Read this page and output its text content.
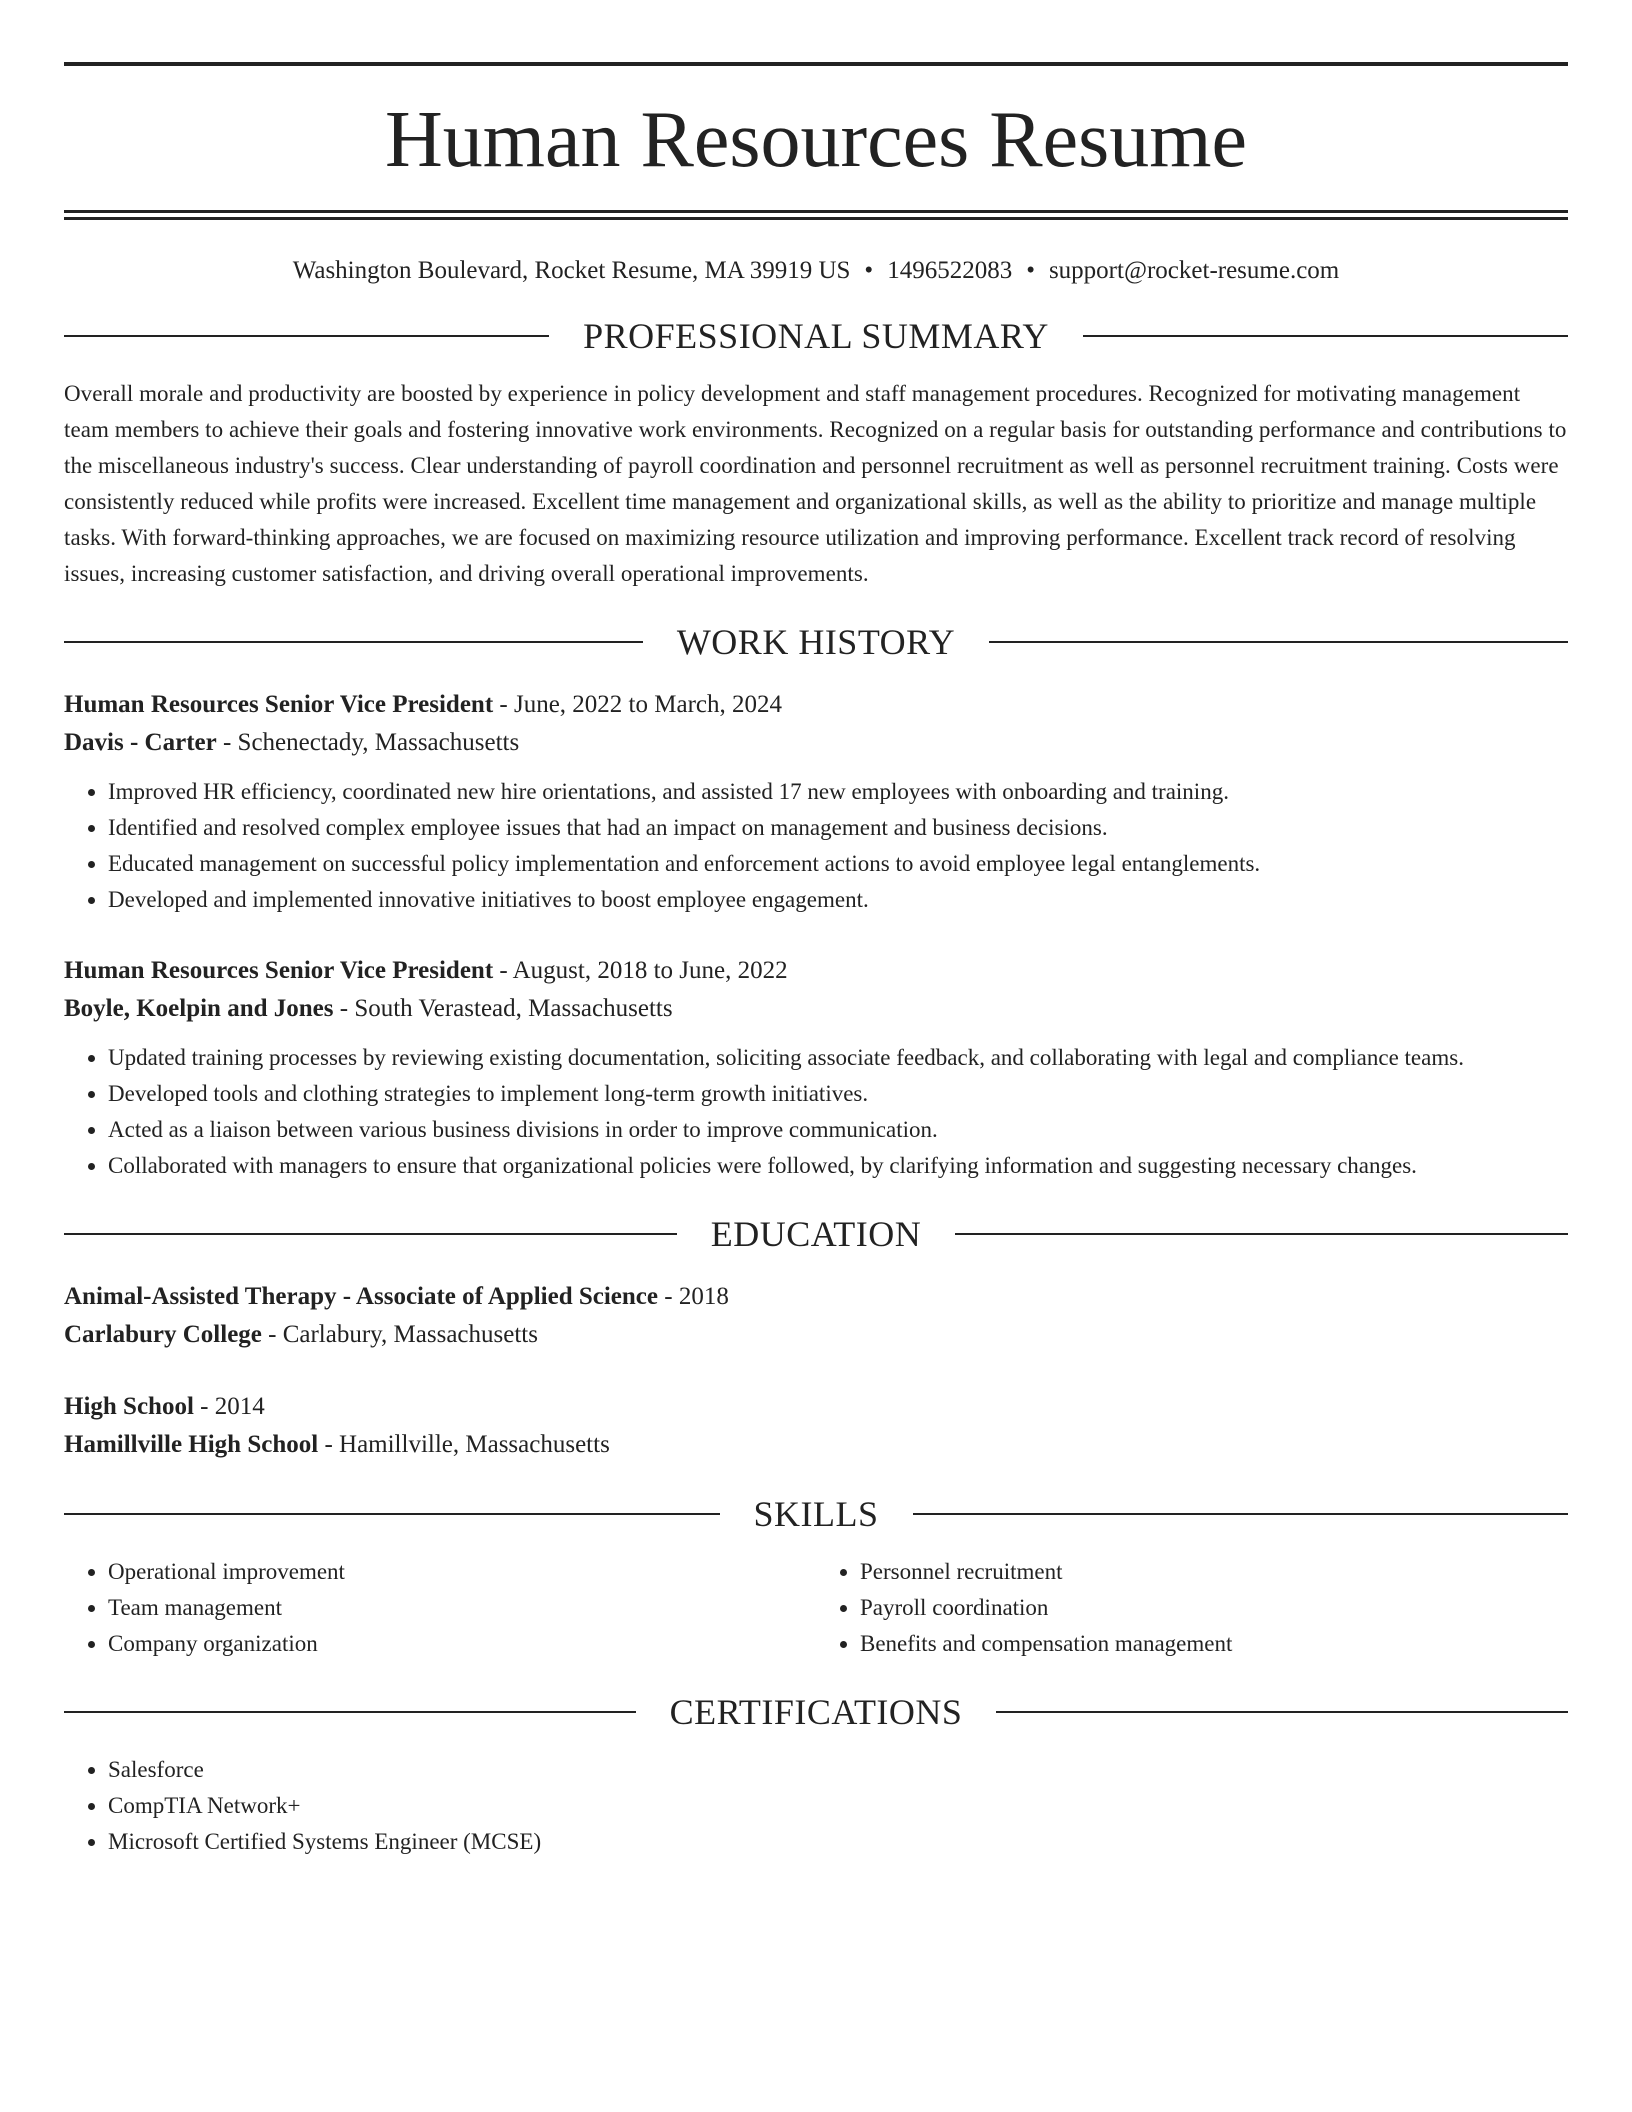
Human Resources Resume
Washington Boulevard, Rocket Resume, MA 39919 US • 1496522083 • support@rocket-resume.com
PROFESSIONAL SUMMARY

Overall morale and productivity are boosted by experience in policy development and staff management procedures. Recognized for motivating management team members to achieve their goals and fostering innovative work environments. Recognized on a regular basis for outstanding performance and contributions to the miscellaneous industry's success. Clear understanding of payroll coordination and personnel recruitment as well as personnel recruitment training. Costs were consistently reduced while profits were increased. Excellent time management and organizational skills, as well as the ability to prioritize and manage multiple tasks. With forward-thinking approaches, we are focused on maximizing resource utilization and improving performance. Excellent track record of resolving issues, increasing customer satisfaction, and driving overall operational improvements.

WORK HISTORY
Human Resources Senior Vice President - June, 2022 to March, 2024
Davis - Carter - Schenectady, Massachusetts
• Improved HR efficiency, coordinated new hire orientations, and assisted 17 new employees with onboarding and training.
• Identified and resolved complex employee issues that had an impact on management and business decisions.
• Educated management on successful policy implementation and enforcement actions to avoid employee legal entanglements.
• Developed and implemented innovative initiatives to boost employee engagement.
Human Resources Senior Vice President - August, 2018 to June, 2022
Boyle, Koelpin and Jones - South Verastead, Massachusetts
• Updated training processes by reviewing existing documentation, soliciting associate feedback, and collaborating with legal and compliance teams.
• Developed tools and clothing strategies to implement long-term growth initiatives.
• Acted as a liaison between various business divisions in order to improve communication.
• Collaborated with managers to ensure that organizational policies were followed, by clarifying information and suggesting necessary changes.
EDUCATION
Animal-Assisted Therapy - Associate of Applied Science - 2018
Carlabury College - Carlabury, Massachusetts
High School - 2014
Hamillville High School - Hamillville, Massachusetts
SKILLS
• Operational improvement
• Team management
• Company organization
• Personnel recruitment
• Payroll coordination
• Benefits and compensation management
CERTIFICATIONS
• Salesforce
• CompTIA Network+
• Microsoft Certified Systems Engineer (MCSE)
